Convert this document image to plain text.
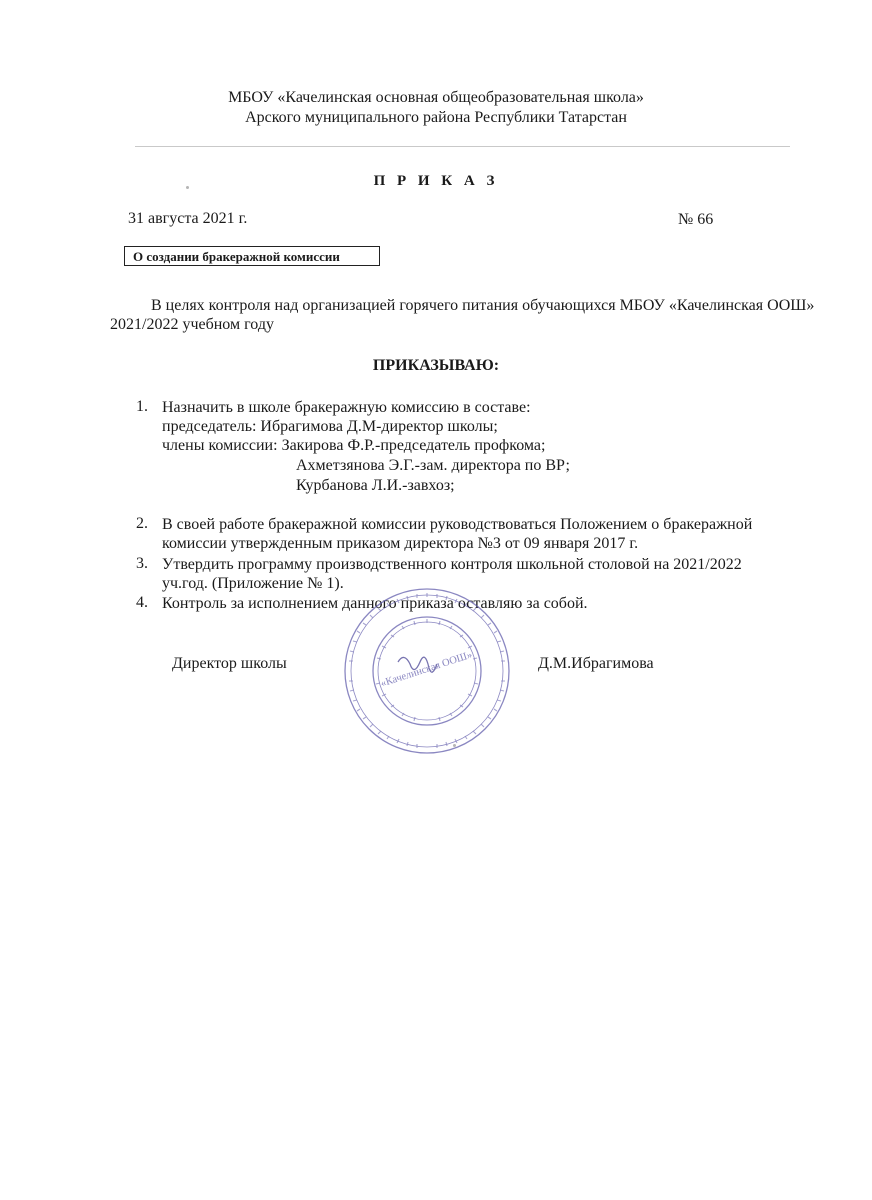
МБОУ «Качелинская основная общеобразовательная школа»
Арского муниципального района Республики Татарстан
П Р И К А З
31 августа 2021 г.	№ 66
О создании бракеражной комиссии
В целях контроля над организацией горячего питания обучающихся МБОУ «Качелинская ООШ» 2021/2022 учебном году
ПРИКАЗЫВАЮ:
1. Назначить в школе бракеражную комиссию в составе:
председатель: Ибрагимова Д.М-директор школы;
члены комиссии: Закирова Ф.Р.-председатель профкома;
Ахметзянова Э.Г.-зам. директора по ВР;
Курбанова Л.И.-завхоз;
2. В своей работе бракеражной комиссии руководствоваться Положением о бракеражной
комиссии утвержденным приказом директора №3 от 09 января 2017 г.
3. Утвердить программу производственного контроля школьной столовой на 2021/2022
уч.год. (Приложение № 1).
4. Контроль за исполнением данного приказа оставляю за собой.
«Качелинская ООШ»
Директор школы	Д.М.Ибрагимова
